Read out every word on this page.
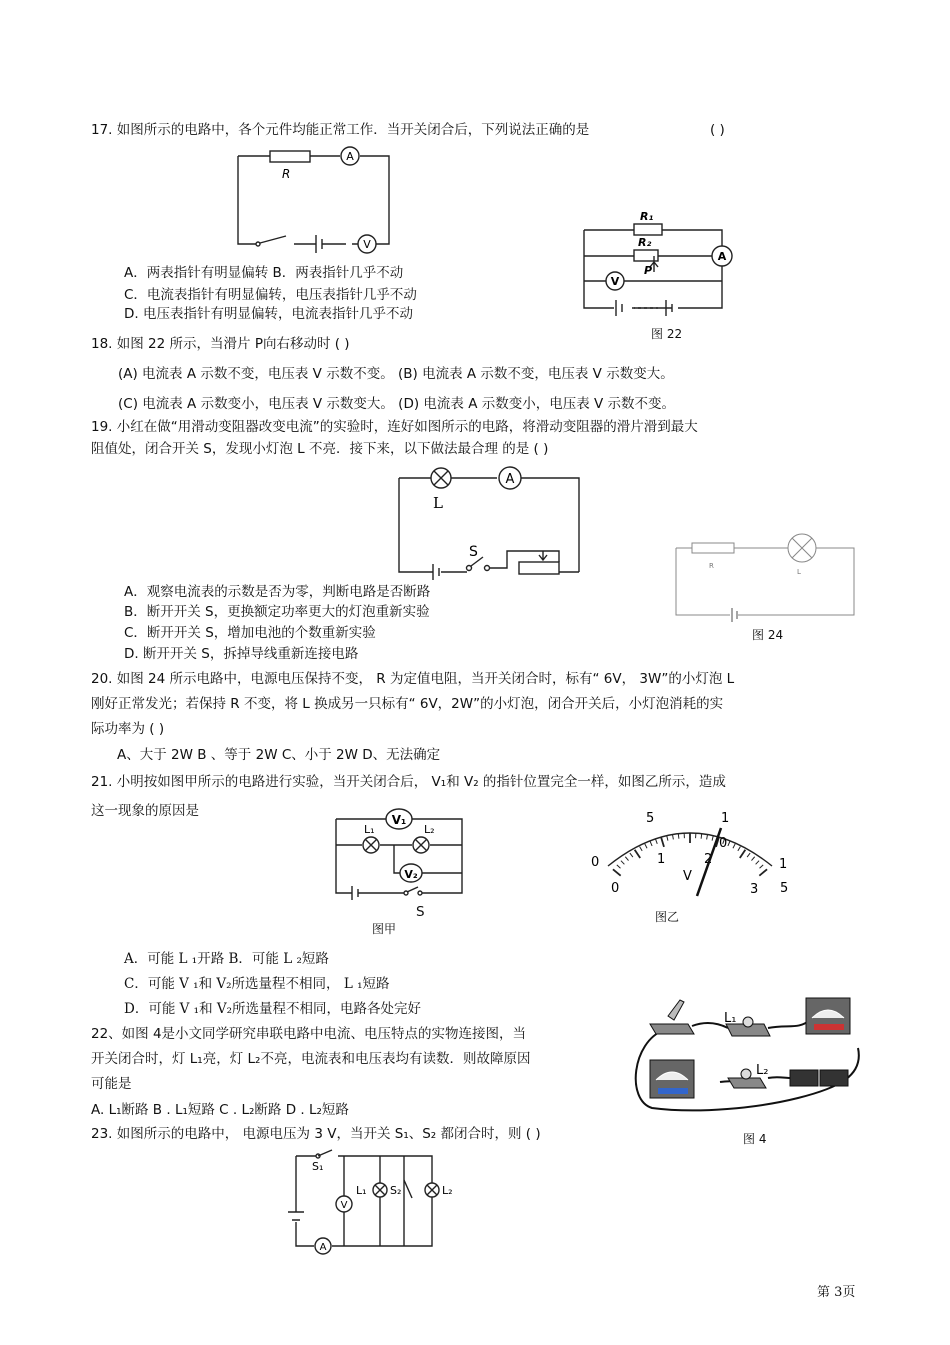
17. 如图所示的电路中，各个元件均能正常工作．当开关闭合后，下列说法正确的是	( )
A
R
V
A．两表指针有明显偏转 B．两表指针几乎不动
C．电流表指针有明显偏转，电压表指针几乎不动
D. 电压表指针有明显偏转，电流表指针几乎不动
R₁
R₂
P
V
A
图 22
18. 如图 22 所示，当滑片 P向右移动时 ( )
(A) 电流表 A 示数不变，电压表 V 示数不变。 (B) 电流表 A 示数不变，电压表 V 示数变大。
(C) 电流表 A 示数变小，电压表 V 示数变大。 (D) 电流表 A 示数变小，电压表 V 示数不变。
19. 小红在做“用滑动变阻器改变电流”的实验时，连好如图所示的电路，将滑动变阻器的滑片滑到最大
阻值处，闭合开关 S，发现小灯泡 L 不亮．接下来，以下做法最合理 的是 ( )
L
A
S
R
L
图 24
A．观察电流表的示数是否为零，判断电路是否断路
B．断开开关 S，更换额定功率更大的灯泡重新实验
C．断开开关 S，增加电池的个数重新实验
D. 断开开关 S，拆掉导线重新连接电路
20. 如图 24 所示电路中，电源电压保持不变， R 为定值电阻，当开关闭合时，标有“ 6V， 3W”的小灯泡 L
刚好正常发光；若保持 R 不变，将 L 换成另一只标有“ 6V，2W”的小灯泡，闭合开关后，小灯泡消耗的实
际功率为 ( )
A、大于 2W B 、等于 2W C、小于 2W D、无法确定
21. 小明按如图甲所示的电路进行实验，当开关闭合后， V₁和 V₂ 的指针位置完全一样，如图乙所示，造成
这一现象的原因是
V₁
L₁	L₂
V₂
S
图甲
0
5	1
1
0
1	2
3 5
0
V
图乙
A．可能 L ₁开路 B．可能 L ₂短路
C．可能 V ₁和 V₂所选量程不相同， L ₁短路
D．可能 V ₁和 V₂所选量程不相同，电路各处完好
22、如图 4是小文同学研究串联电路中电流、电压特点的实物连接图，当
开关闭合时，灯 L₁亮，灯 L₂不亮，电流表和电压表均有读数．则故障原因
可能是
A. L₁断路 B . L₁短路 C . L₂断路 D . L₂短路
L₁
L₂
图 4
23. 如图所示的电路中， 电源电压为 3 V，当开关 S₁、S₂ 都闭合时，则 ( )
S₁
V
L₁ S₂	L₂
A
第 3页
